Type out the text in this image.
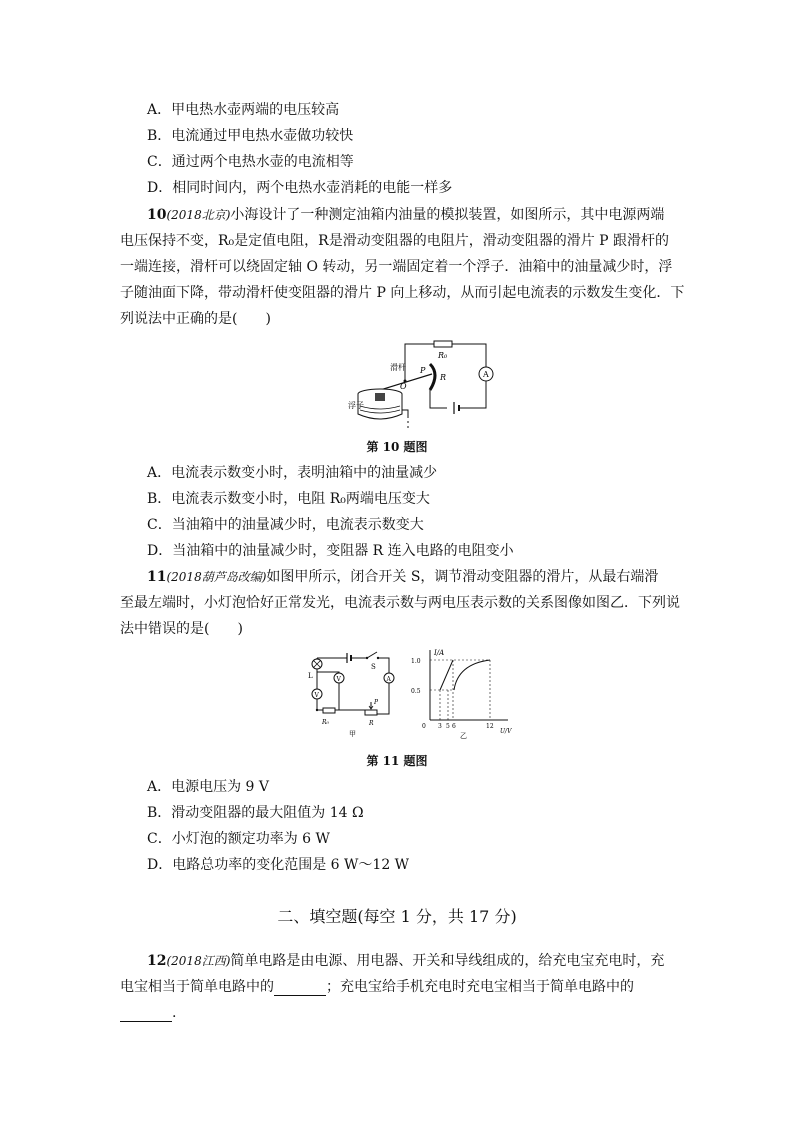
A．甲电热水壶两端的电压较高
B．电流通过甲电热水壶做功较快
C．通过两个电热水壶的电流相等
D．相同时间内，两个电热水壶消耗的电能一样多
10(2018北京)小海设计了一种测定油箱内油量的模拟装置，如图所示，其中电源两端
电压保持不变，R₀是定值电阻，R是滑动变阻器的电阻片，滑动变阻器的滑片 P 跟滑杆的
一端连接，滑杆可以绕固定轴 O 转动，另一端固定着一个浮子．油箱中的油量减少时，浮
子随油面下降，带动滑杆使变阻器的滑片 P 向上移动，从而引起电流表的示数发生变化．下
列说法中正确的是(　　)
R₀
A
R
P
O
滑杆
浮子
第 10 题图
A．电流表示数变小时，表明油箱中的油量减少
B．电流表示数变小时，电阻 R₀两端电压变大
C．当油箱中的油量减少时，电流表示数变大
D．当油箱中的油量减少时，变阻器 R 连入电路的电阻变小
11(2018葫芦岛改编)如图甲所示，闭合开关 S，调节滑动变阻器的滑片，从最右端滑
至最左端时，小灯泡恰好正常发光，电流表示数与两电压表示数的关系图像如图乙．下列说
法中错误的是(　　)
S
L
V
V	A
R₀
P
R
甲
I/A
U/V
1.0
0.5
0 3 5 6	12
乙
第 11 题图
A．电源电压为 9 V
B．滑动变阻器的最大阻值为 14 Ω
C．小灯泡的额定功率为 6 W
D．电路总功率的变化范围是 6 W～12 W
二、填空题(每空 1 分，共 17 分)
12(2018江西)简单电路是由电源、用电器、开关和导线组成的，给充电宝充电时，充
电宝相当于简单电路中的	；充电宝给手机充电时充电宝相当于简单电路中的
.
